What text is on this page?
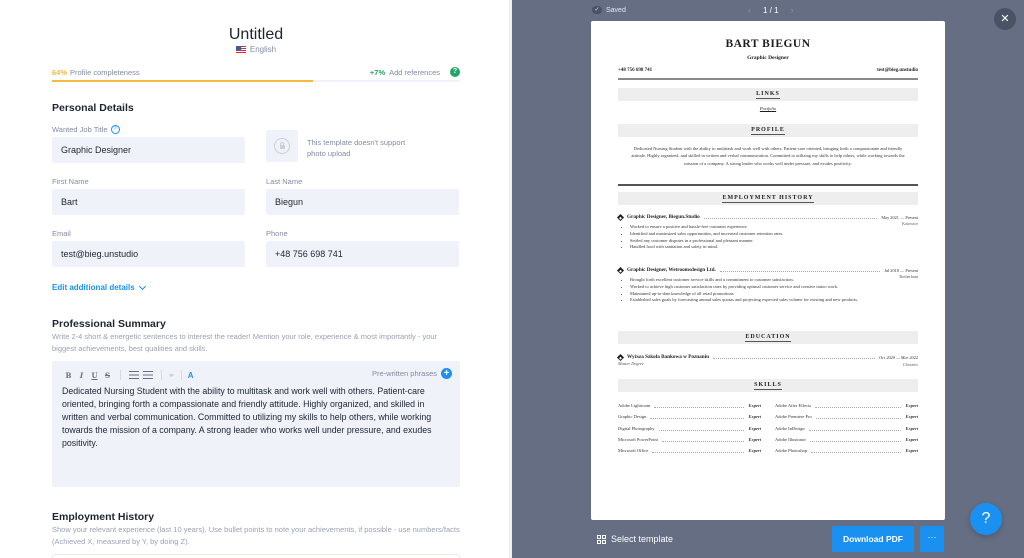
Untitled
English
64% Profile completeness	+7% Add references	?
Personal Details
Wanted Job Title ?
Graphic Designer
This template doesn't support photo upload
First Name
Bart
Last Name
Biegun
Email
test@bieg.unstudio
Phone
+48 756 698 741
Edit additional details
Professional Summary
Write 2-4 short & energetic sentences to interest the reader! Mention your role, experience & most importantly - your biggest achievements, best qualities and skills.
B	I	U	S	⚭ A	Pre-written phrases +
Dedicated Nursing Student with the ability to multitask and work well with others. Patient-care oriented, bringing forth a compassionate and friendly attitude. Highly organized, and skilled in written and verbal communication. Committed to utilizing my skills to help others, while working towards the mission of a company. A strong leader who works well under pressure, and exudes positivity.
Employment History
Show your relevant experience (last 10 years). Use bullet points to note your achievements, if possible - use numbers/facts (Achieved X, measured by Y, by doing Z).
✓ Saved	‹ 1 / 1 ›
✕
BART BIEGUN
Graphic Designer
+48 756 698 741	test@bieg.unstudio
LINKS
Portfolio
PROFILE
Dedicated Nursing Student with the ability to multitask and work well with others. Patient-care oriented, bringing forth a compassionate and friendly attitude. Highly organized, and skilled in written and verbal communication. Committed to utilizing my skills to help others, while working towards the mission of a company. A strong leader who works well under pressure, and exudes positivity.
EMPLOYMENT HISTORY
Graphic Designer, Biegun.Studio	May 2021 — Present
Katowice
• Worked to ensure a positive and hassle-free customer experience.
• Identified and maximized sales opportunities, and increased customer retention rates.
• Settled any customer disputes in a professional and pleasant manner.
• Handled food with sanitation and safety in mind.
Graphic Designer, Wetroomsdesign Ltd.	Jul 2018 — Present
Rotherham
• Brought forth excellent customer service skills and a commitment to customer satisfaction.
• Worked to achieve high customer satisfaction rates by providing optimal customer service and creative tattoo work.
• Maintained up-to-date knowledge of all retail promotions.
• Established sales goals by forecasting annual sales quotas and projecting expected sales volume for existing and new products.
EDUCATION
Wyższa Szkoła Bankowa w Poznaniu	Oct 2020 — Mar 2022
Master Degree	Chorzów
SKILLS
Adobe Lightroom	Expert	Adobe After Effects	Expert
Graphic Design	Expert	Adobe Premiere Pro	Expert
Digital Photography	Expert	Adobe InDesign	Expert
Microsoft PowerPoint	Expert	Adobe Illustrator	Expert
Microsoft Office	Expert	Adobe Photoshop	Expert
Select template	Download PDF	···
?
